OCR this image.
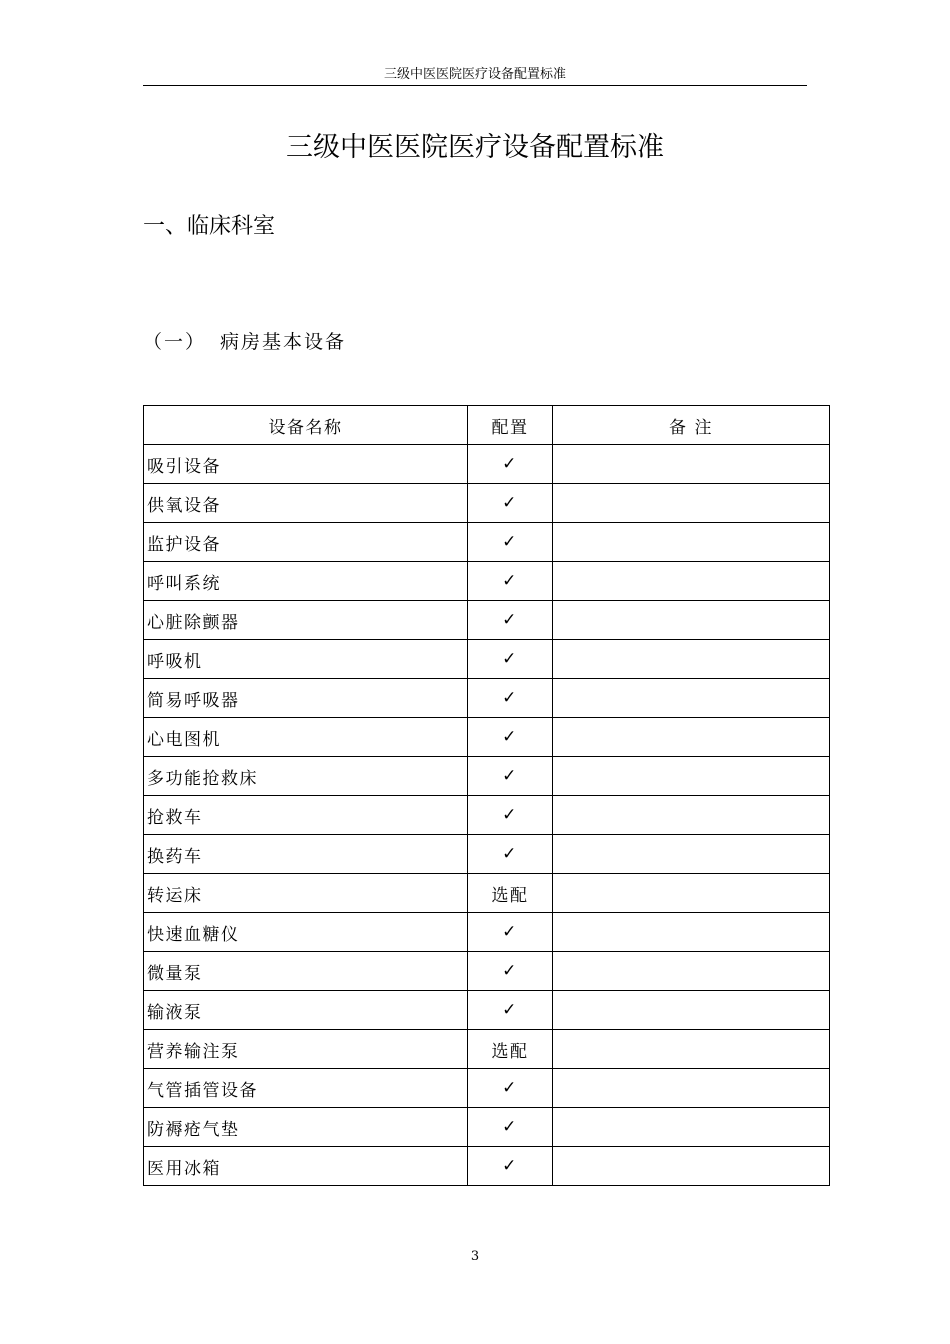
三级中医医院医疗设备配置标准
三级中医医院医疗设备配置标准
一、临床科室
（一） 病房基本设备
设备名称	配置	备 注
吸引设备	✓	
供氧设备	✓	
监护设备	✓	
呼叫系统	✓	
心脏除颤器	✓	
呼吸机	✓	
简易呼吸器	✓	
心电图机	✓	
多功能抢救床	✓	
抢救车	✓	
换药车	✓	
转运床	选配	
快速血糖仪	✓	
微量泵	✓	
输液泵	✓	
营养输注泵	选配	
气管插管设备	✓	
防褥疮气垫	✓	
医用冰箱	✓	
3
